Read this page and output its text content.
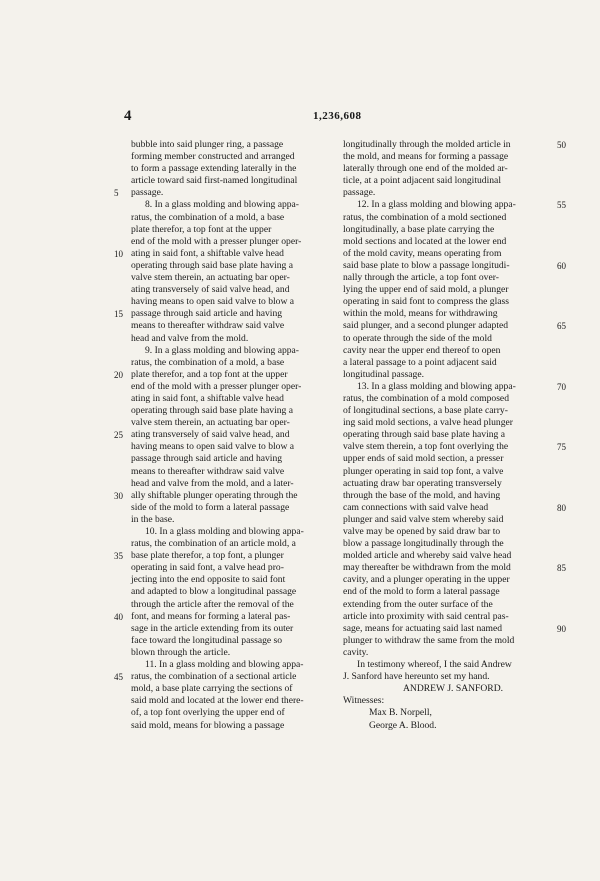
4	1,236,608
bubble into said plunger ring, a passage
forming member constructed and arranged
to form a passage extending laterally in the
article toward said first-named longitudinal
passage.
5
8. In a glass molding and blowing appa-
ratus, the combination of a mold, a base
plate therefor, a top font at the upper
end of the mold with a presser plunger oper-
ating in said font, a shiftable valve head
10
operating through said base plate having a
valve stem therein, an actuating bar oper-
ating transversely of said valve head, and
having means to open said valve to blow a
passage through said article and having
15
means to thereafter withdraw said valve
head and valve from the mold.
9. In a glass molding and blowing appa-
ratus, the combination of a mold, a base
plate therefor, and a top font at the upper
20
end of the mold with a presser plunger oper-
ating in said font, a shiftable valve head
operating through said base plate having a
valve stem therein, an actuating bar oper-
ating transversely of said valve head, and
25
having means to open said valve to blow a
passage through said article and having
means to thereafter withdraw said valve
head and valve from the mold, and a later-
ally shiftable plunger operating through the
30
side of the mold to form a lateral passage
in the base.
10. In a glass molding and blowing appa-
ratus, the combination of an article mold, a
base plate therefor, a top font, a plunger
35
operating in said font, a valve head pro-
jecting into the end opposite to said font
and adapted to blow a longitudinal passage
through the article after the removal of the
font, and means for forming a lateral pas-
40
sage in the article extending from its outer
face toward the longitudinal passage so
blown through the article.
11. In a glass molding and blowing appa-
ratus, the combination of a sectional article
45
mold, a base plate carrying the sections of
said mold and located at the lower end there-
of, a top font overlying the upper end of
said mold, means for blowing a passage
longitudinally through the molded article in	50
the mold, and means for forming a passage
laterally through one end of the molded ar-
ticle, at a point adjacent said longitudinal
passage.
12. In a glass molding and blowing appa-	55
ratus, the combination of a mold sectioned
longitudinally, a base plate carrying the
mold sections and located at the lower end
of the mold cavity, means operating from
said base plate to blow a passage longitudi-	60
nally through the article, a top font over-
lying the upper end of said mold, a plunger
operating in said font to compress the glass
within the mold, means for withdrawing
said plunger, and a second plunger adapted	65
to operate through the side of the mold
cavity near the upper end thereof to open
a lateral passage to a point adjacent said
longitudinal passage.
13. In a glass molding and blowing appa-	70
ratus, the combination of a mold composed
of longitudinal sections, a base plate carry-
ing said mold sections, a valve head plunger
operating through said base plate having a
valve stem therein, a top font overlying the	75
upper ends of said mold section, a presser
plunger operating in said top font, a valve
actuating draw bar operating transversely
through the base of the mold, and having
cam connections with said valve head	80
plunger and said valve stem whereby said
valve may be opened by said draw bar to
blow a passage longitudinally through the
molded article and whereby said valve head
may thereafter be withdrawn from the mold	85
cavity, and a plunger operating in the upper
end of the mold to form a lateral passage
extending from the outer surface of the
article into proximity with said central pas-
sage, means for actuating said last named	90
plunger to withdraw the same from the mold
cavity.
In testimony whereof, I the said Andrew
J. Sanford have hereunto set my hand.
ANDREW J. SANFORD.
Witnesses:
Max B. Norpell,
George A. Blood.
